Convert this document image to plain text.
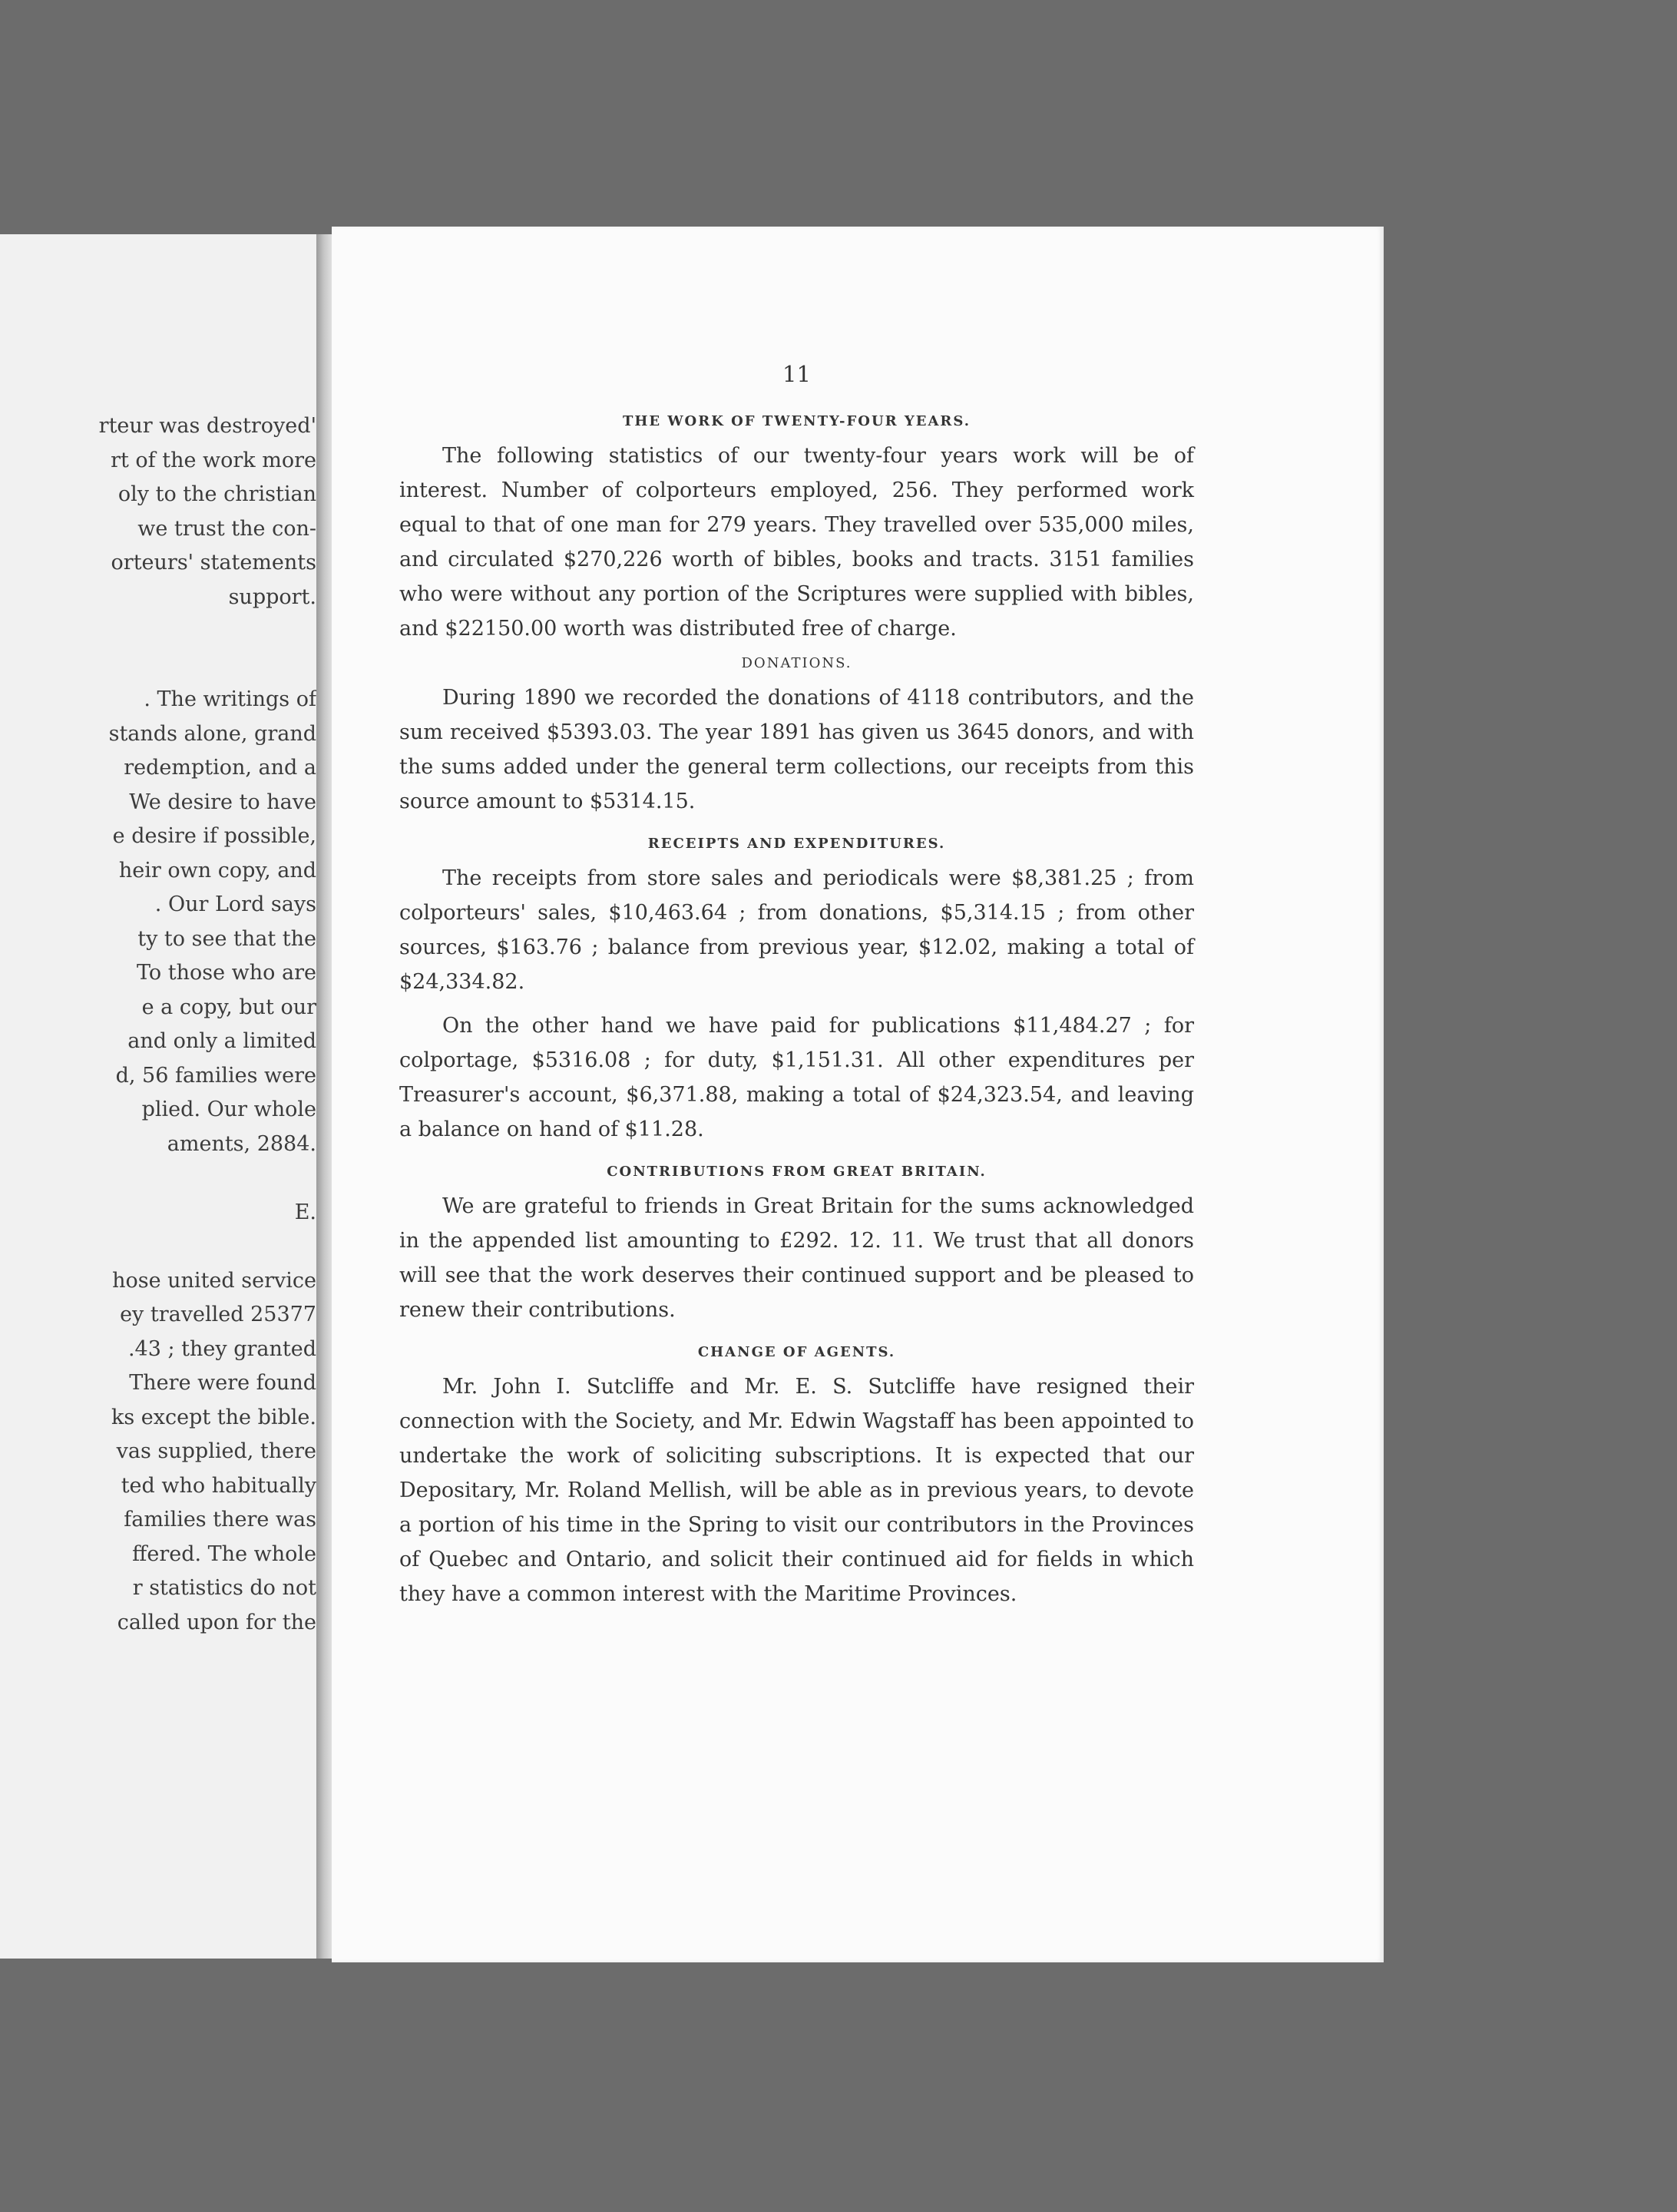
rteur was destroyed'
rt of the work more
oly to the christian
we trust the con-
orteurs' statements
support.
. The writings of
stands alone, grand
redemption, and a
We desire to have
e desire if possible,
heir own copy, and
. Our Lord says
ty to see that the
To those who are
e a copy, but our
and only a limited
d, 56 families were
plied. Our whole
aments, 2884.
E.
hose united service
ey travelled 25377
.43 ; they granted
There were found
ks except the bible.
vas supplied, there
ted who habitually
families there was
ffered. The whole
r statistics do not
called upon for the
11
THE WORK OF TWENTY-FOUR YEARS.

The following statistics of our twenty-four years work will be of interest. Number of colporteurs employed, 256. They performed work equal to that of one man for 279 years. They travelled over 535,000 miles, and circulated $270,226 worth of bibles, books and tracts. 3151 families who were without any portion of the Scriptures were supplied with bibles, and $22150.00 worth was distributed free of charge.

DONATIONS.

During 1890 we recorded the donations of 4118 contributors, and the sum received $5393.03. The year 1891 has given us 3645 donors, and with the sums added under the general term collections, our receipts from this source amount to $5314.15.

RECEIPTS AND EXPENDITURES.

The receipts from store sales and periodicals were $8,381.25 ; from colporteurs' sales, $10,463.64 ; from donations, $5,314.15 ; from other sources, $163.76 ; balance from previous year, $12.02, making a total of $24,334.82.

On the other hand we have paid for publications $11,484.27 ; for colportage, $5316.08 ; for duty, $1,151.31. All other expenditures per Treasurer's account, $6,371.88, making a total of $24,323.54, and leaving a balance on hand of $11.28.

CONTRIBUTIONS FROM GREAT BRITAIN.

We are grateful to friends in Great Britain for the sums acknowledged in the appended list amounting to £292. 12. 11. We trust that all donors will see that the work deserves their continued support and be pleased to renew their contributions.

CHANGE OF AGENTS.

Mr. John I. Sutcliffe and Mr. E. S. Sutcliffe have resigned their connection with the Society, and Mr. Edwin Wagstaff has been appointed to undertake the work of soliciting subscriptions. It is expected that our Depositary, Mr. Roland Mellish, will be able as in previous years, to devote a portion of his time in the Spring to visit our contributors in the Provinces of Quebec and Ontario, and solicit their continued aid for fields in which they have a common interest with the Maritime Provinces.
